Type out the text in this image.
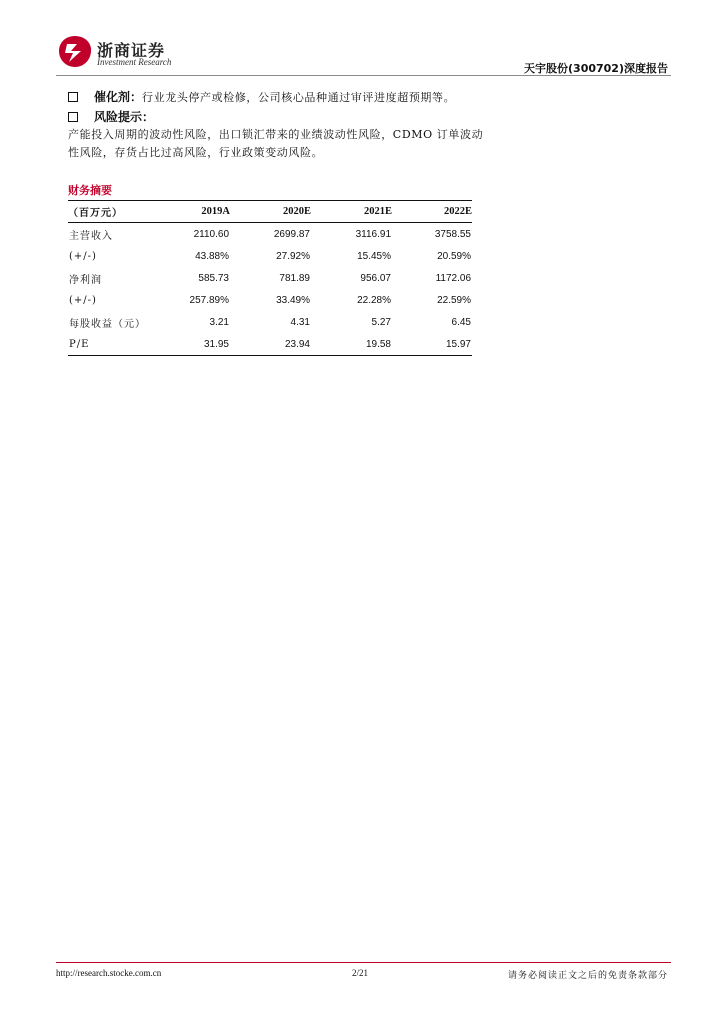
浙商证券
Investment Research	天宇股份(300702)深度报告
催化剂：行业龙头停产或检修，公司核心品种通过审评进度超预期等。
风险提示：
产能投入周期的波动性风险，出口锁汇带来的业绩波动性风险，CDMO 订单波动性风险，存货占比过高风险，行业政策变动风险。
财务摘要
（百万元）	2019A	2020E	2021E	2022E
主营收入	2110.60	2699.87	3116.91	3758.55
(+/-)	43.88%	27.92%	15.45%	20.59%
净利润	585.73	781.89	956.07	1172.06
(+/-)	257.89%	33.49%	22.28%	22.59%
每股收益（元）	3.21	4.31	5.27	6.45
P/E	31.95	23.94	19.58	15.97
http://research.stocke.com.cn	2/21	请务必阅读正文之后的免责条款部分
